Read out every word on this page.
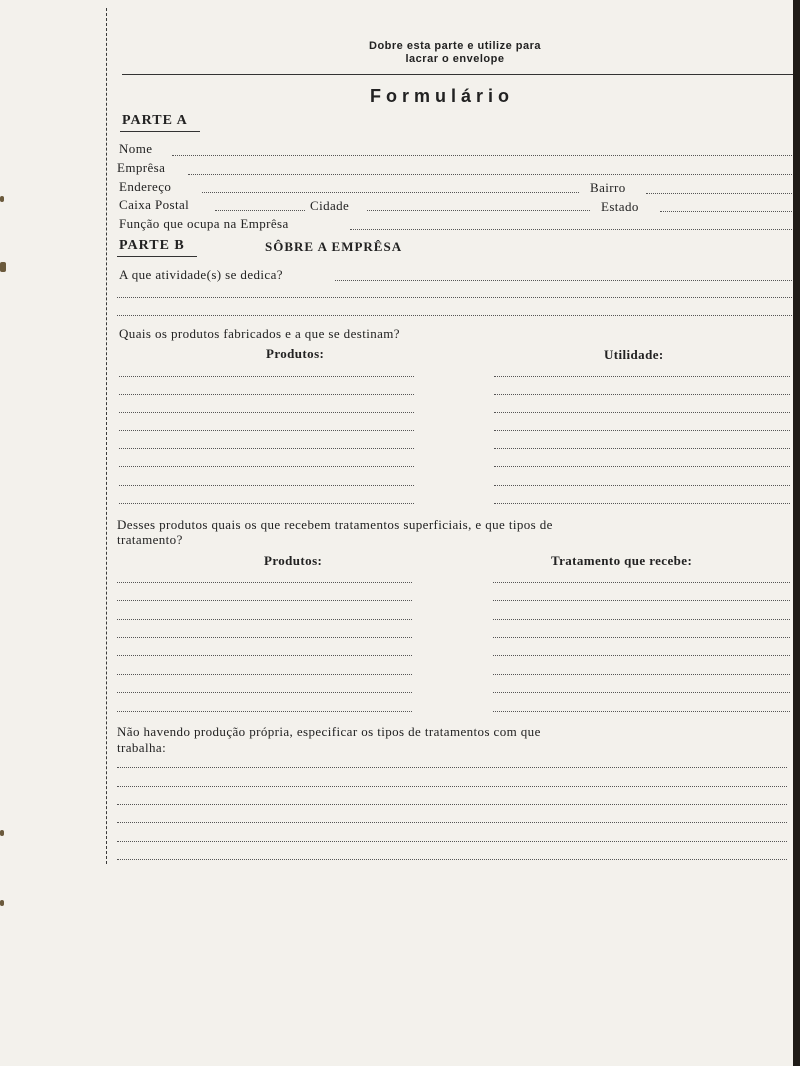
Dobre esta parte e utilize para
lacrar o envelope
Formulário
PARTE A
Nome
Emprêsa
Endereço	Bairro
Caixa Postal	Cidade	Estado
Função que ocupa na Emprêsa
PARTE B	SÔBRE A EMPRÊSA
A que atividade(s) se dedica?
Quais os produtos fabricados e a que se destinam?
Produtos:	Utilidade:
Desses produtos quais os que recebem tratamentos superficiais, e que tipos de
tratamento?
Produtos:	Tratamento que recebe:
Não havendo produção própria, especificar os tipos de tratamentos com que
trabalha:
